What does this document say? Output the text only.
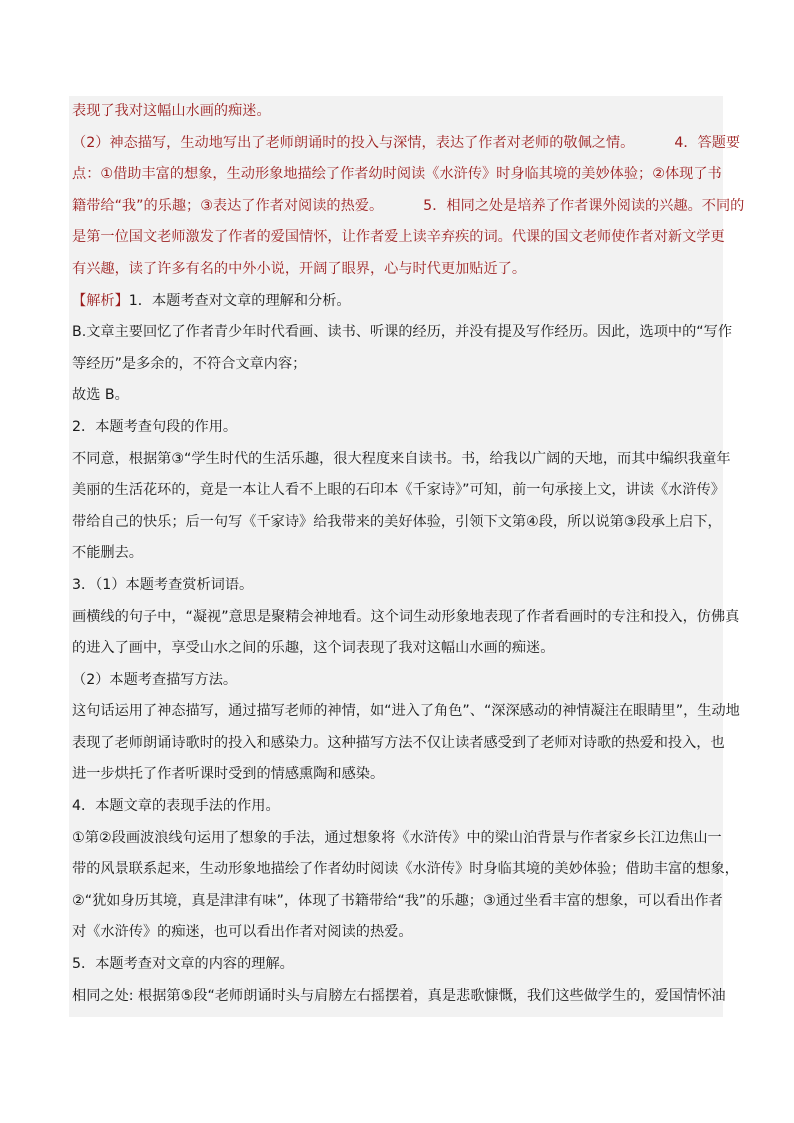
表现了我对这幅山水画的痴迷。
（2）神态描写，生动地写出了老师朗诵时的投入与深情，表达了作者对老师的敬佩之情。	4．答题要
点：①借助丰富的想象，生动形象地描绘了作者幼时阅读《水浒传》时身临其境的美妙体验；②体现了书
籍带给“我”的乐趣；③表达了作者对阅读的热爱。	5．相同之处是培养了作者课外阅读的兴趣。不同的
是第一位国文老师激发了作者的爱国情怀，让作者爱上读辛弃疾的词。代课的国文老师使作者对新文学更
有兴趣，读了许多有名的中外小说，开阔了眼界，心与时代更加贴近了。
【解析】1．本题考查对文章的理解和分析。
B.文章主要回忆了作者青少年时代看画、读书、听课的经历，并没有提及写作经历。因此，选项中的“写作
等经历”是多余的，不符合文章内容；
故选 B。
2．本题考查句段的作用。
不同意，根据第③“学生时代的生活乐趣，很大程度来自读书。书，给我以广阔的天地，而其中编织我童年
美丽的生活花环的，竟是一本让人看不上眼的石印本《千家诗》”可知，前一句承接上文，讲读《水浒传》
带给自己的快乐；后一句写《千家诗》给我带来的美好体验，引领下文第④段，所以说第③段承上启下，
不能删去。
3．（1）本题考查赏析词语。
画横线的句子中，“凝视”意思是聚精会神地看。这个词生动形象地表现了作者看画时的专注和投入，仿佛真
的进入了画中，享受山水之间的乐趣，这个词表现了我对这幅山水画的痴迷。
（2）本题考查描写方法。
这句话运用了神态描写，通过描写老师的神情，如“进入了角色”、“深深感动的神情凝注在眼睛里”，生动地
表现了老师朗诵诗歌时的投入和感染力。这种描写方法不仅让读者感受到了老师对诗歌的热爱和投入，也
进一步烘托了作者听课时受到的情感熏陶和感染。
4．本题文章的表现手法的作用。
①第②段画波浪线句运用了想象的手法，通过想象将《水浒传》中的梁山泊背景与作者家乡长江边焦山一
带的风景联系起来，生动形象地描绘了作者幼时阅读《水浒传》时身临其境的美妙体验；借助丰富的想象，
②“犹如身历其境，真是津津有味”，体现了书籍带给“我”的乐趣；③通过坐看丰富的想象，可以看出作者
对《水浒传》的痴迷，也可以看出作者对阅读的热爱。
5．本题考查对文章的内容的理解。
相同之处: 根据第⑤段“老师朗诵时头与肩膀左右摇摆着，真是悲歌慷慨，我们这些做学生的，爱国情怀油
